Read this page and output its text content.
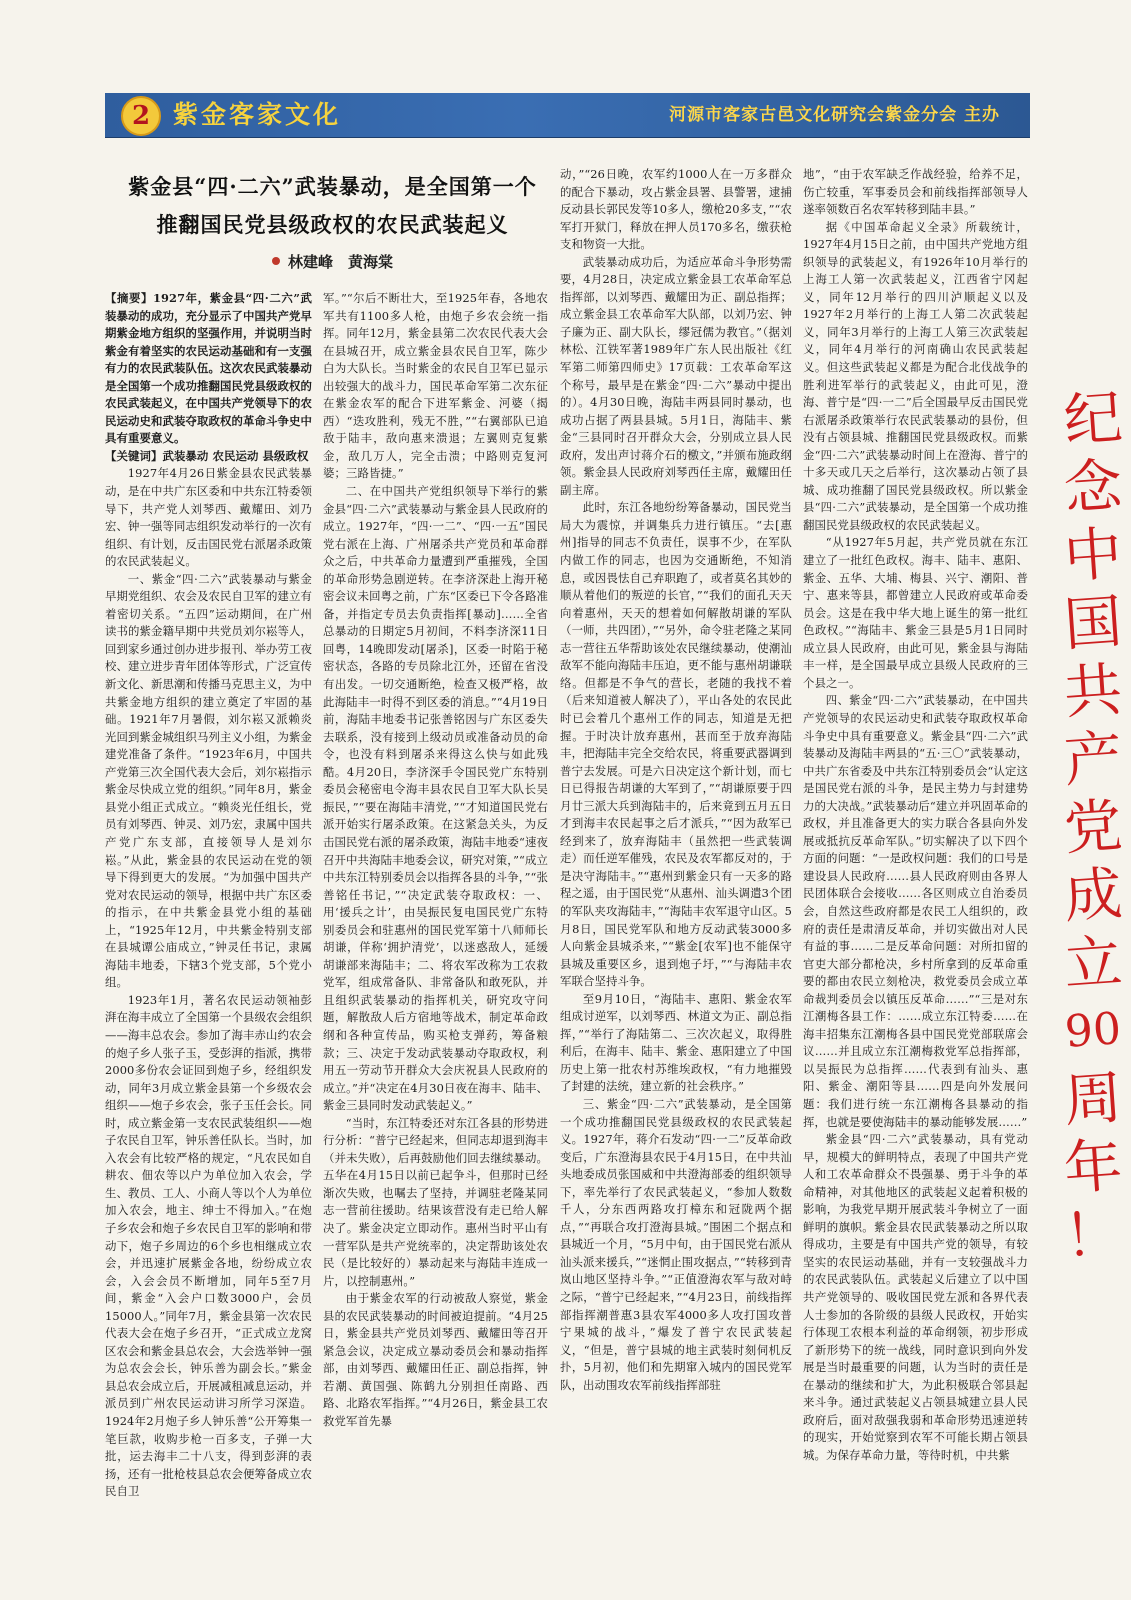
2 紫金客家文化	河源市客家古邑文化研究会紫金分会 主办
紫金县“四·二六”武装暴动，是全国第一个
推翻国民党县级政权的农民武装起义
林建峰　黄海棠

【摘要】1927年，紫金县“四·二六”武装暴动的成功，充分显示了中国共产党早期紫金地方组织的坚强作用，并说明当时紫金有着坚实的农民运动基础和有一支强有力的农民武装队伍。这次农民武装暴动是全国第一个成功推翻国民党县级政权的农民武装起义，在中国共产党领导下的农民运动史和武装夺取政权的革命斗争史中具有重要意义。

【关键词】武装暴动 农民运动 县级政权

1927年4月26日紫金县农民武装暴动，是在中共广东区委和中共东江特委领导下，共产党人刘琴西、戴耀田、刘乃宏、钟一强等同志组织发动举行的一次有组织、有计划，反击国民党右派屠杀政策的农民武装起义。

一、紫金“四·二六”武装暴动与紫金早期党组织、农会及农民自卫军的建立有着密切关系。“五四”运动期间，在广州读书的紫金籍早期中共党员刘尔崧等人，回到家乡通过创办进步报刊、举办劳工夜校、建立进步青年团体等形式，广泛宣传新文化、新思潮和传播马克思主义，为中共紫金地方组织的建立奠定了牢固的基础。1921年7月暑假，刘尔崧又派赖炎光回到紫金城组织马列主义小组，为紫金建党准备了条件。“1923年6月，中国共产党第三次全国代表大会后，刘尔崧指示紫金尽快成立党的组织。”同年8月，紫金县党小组正式成立。“赖炎光任组长，党员有刘琴西、钟灵、刘乃宏，隶属中国共产党广东支部，直接领导人是刘尔崧。”从此，紫金县的农民运动在党的领导下得到更大的发展。“为加强中国共产党对农民运动的领导，根据中共广东区委的指示，在中共紫金县党小组的基础上，“1925年12月，中共紫金特别支部在县城谭公庙成立，”钟灵任书记，隶属海陆丰地委，下辖3个党支部，5个党小组。

1923年1月，著名农民运动领袖彭湃在海丰成立了全国第一个县级农会组织——海丰总农会。参加了海丰赤山约农会的炮子乡人张子玉，受彭湃的指派，携带2000多份农会证回到炮子乡，经组织发动，同年3月成立紫金县第一个乡级农会组织——炮子乡农会，张子玉任会长。同时，成立紫金第一支农民武装组织——炮子农民自卫军，钟乐善任队长。当时，加入农会有比较严格的规定，“凡农民如自耕农、佃农等以户为单位加入农会，学生、教员、工人、小商人等以个人为单位加入农会，地主、绅士不得加入。”在炮子乡农会和炮子乡农民自卫军的影响和带动下，炮子乡周边的6个乡也相继成立农会，并迅速扩展紫金各地，纷纷成立农会，入会会员不断增加，同年5至7月间，紫金“入会户口数3000户，会员15000人。”同年7月，紫金县第一次农民代表大会在炮子乡召开，“正式成立龙窝区农会和紫金县总农会，大会选举钟一强为总农会会长，钟乐善为副会长。”紫金县总农会成立后，开展减租减息运动，并派员到广州农民运动讲习所学习深造。1924年2月炮子乡人钟乐善“公开筹集一笔巨款，收购步枪一百多支，子弹一大批，运去海丰二十八支，得到彭湃的表扬，还有一批枪枝县总农会便筹备成立农民自卫

军。”“尔后不断壮大，至1925年春，各地农军共有1100多人枪，由炮子乡农会统一指挥。同年12月，紫金县第二次农民代表大会在县城召开，成立紫金县农民自卫军，陈少白为大队长。当时紫金的农民自卫军已显示出较强大的战斗力，国民革命军第二次东征在紫金农军的配合下进军紫金、河婆（揭西）“迭攻胜利，残无不胜，”“右翼部队已追敌于陆丰，敌向惠来溃退；左翼则克复紫金，敌几万人，完全击溃；中路则克复河婆；三路皆捷。”

二、在中国共产党组织领导下举行的紫金县“四·二六”武装暴动与紫金县人民政府的成立。1927年，“四·一二”、“四·一五”国民党右派在上海、广州屠杀共产党员和革命群众之后，中共革命力量遭到严重摧残，全国的革命形势急剧逆转。在李济深赴上海开秘密会议未回粤之前，广东“区委已下令各路准备，并指定专员去负责指挥[暴动]……全省总暴动的日期定5月初间，不料李济深11日回粤，14晚即发动[屠杀]，区委一时陷于秘密状态，各路的专员除北江外，还留在省没有出发。一切交通断绝，检查又极严格，故此海陆丰一时得不到区委的消息。”“4月19日前，海陆丰地委书记张善铭因与广东区委失去联系，没有接到上级动员或准备动员的命令，也没有料到屠杀来得这么快与如此残酷。4月20日，李济深手令国民党广东特别委员会秘密电令海丰县农民自卫军大队长吴振民，”“要在海陆丰清党，”“才知道国民党右派开始实行屠杀政策。在这紧急关头，为反击国民党右派的屠杀政策，海陆丰地委“速夜召开中共海陆丰地委会议，研究对策，”“成立中共东江特别委员会以指挥各县的斗争，”“张善铭任书记，”“决定武装夺取政权：一、用‘援兵之计’，由吴振民复电国民党广东特别委员会和驻惠州的国民党军第十八师师长胡谦，佯称‘拥护清党’，以迷惑敌人，延缓胡谦部来海陆丰；二、将农军改称为工农救党军，组成常备队、非常备队和敢死队，并且组织武装暴动的指挥机关，研究攻守问题，解散敌人后方宿地等战术，制定革命政纲和各种宣传品，购买枪支弹药，筹备粮款；三、决定于发动武装暴动夺取政权，利用五一劳动节开群众大会庆祝县人民政府的成立。”并“决定在4月30日夜在海丰、陆丰、紫金三县同时发动武装起义。”

“当时，东江特委还对东江各县的形势进行分析：“普宁已经起来，但同志却退到海丰（并未失败），后再鼓励他们回去继续暴动。五华在4月15日以前已起争斗，但那时已经渐次失败，也嘱去了坚持，并调驻老隆某同志一营前往援助。结果该营没有走已给人解决了。紫金决定立即动作。惠州当时平山有一营军队是共产党统率的，决定帮助该处农民（是比较好的）暴动起来与海陆丰连成一片，以控制惠州。”

由于紫金农军的行动被敌人察觉，紫金县的农民武装暴动的时间被迫提前。“4月25日，紫金县共产党员刘琴西、戴耀田等召开紧急会议，决定成立暴动委员会和暴动指挥部，由刘琴西、戴耀田任正、副总指挥，钟若潮、黄国强、陈鹤九分别担任南路、西路、北路农军指挥。”“4月26日，紫金县工农救党军首先暴

动，”“26日晚，农军约1000人在一万多群众的配合下暴动，攻占紫金县署、县警署，逮捕反动县长郭民发等10多人，缴枪20多支，”“农军打开狱门，释放在押人员170多名，缴获枪支和物资一大批。

武装暴动成功后，为适应革命斗争形势需要，4月28日，决定成立紫金县工农革命军总指挥部，以刘琴西、戴耀田为正、副总指挥；成立紫金县工农革命军大队部，以刘乃宏、钟子廉为正、副大队长，缪冠儒为教官。”（据刘林松、江铁军著1989年广东人民出版社《红军第二师第四师史》17页载：工农革命军这个称号，最早是在紫金“四·二六”暴动中提出的）。4月30日晚，海陆丰两县同时暴动，也成功占据了两县县城。5月1日，海陆丰、紫金“三县同时召开群众大会，分别成立县人民政府，发出声讨蒋介石的檄文，”并颁布施政纲领。紫金县人民政府刘琴西任主席，戴耀田任副主席。

此时，东江各地纷纷筹备暴动，国民党当局大为震惊，并调集兵力进行镇压。“去[惠州]指导的同志不负责任，误事不少，在军队内做工作的同志，也因为交通断绝，不知消息，或因畏怯自己弃职跑了，或者莫名其妙的顺从着他们的叛逆的长官，”“我们的面孔天天向着惠州，天天的想着如何解散胡谦的军队（一师，共四团），”“另外，命令驻老隆之某同志一营往五华帮助该处农民继续暴动，使潮汕敌军不能向海陆丰压迫，更不能与惠州胡谦联络。但都是不争气的营长，老随的我找不着（后来知道被人解决了），平山各处的农民此时已会着几个惠州工作的同志，知道是无把握。于时决计放弃惠州，甚而至于放弃海陆丰，把海陆丰完全交给农民，将重要武器调到普宁去发展。可是六日决定这个新计划，而七日已得报告胡谦的大军到了，”“胡谦原要于四月廿三派大兵到海陆丰的，后来竟到五月五日才到海丰农民起事之后才派兵，”“因为敌军已经到来了，放弃海陆丰（虽然把一些武装调走）而任逆军催残，农民及农军都反对的，于是决守海陆丰。”“惠州到紫金只有一天多的路程之遥，由于国民党“从惠州、汕头调遣3个团的军队夹攻海陆丰，”“海陆丰农军退守山区。5月8日，国民党军队和地方反动武装3000多人向紫金县城杀来，”“紫金[农军]也不能保守县城及重要区乡，退到炮子圩，”“与海陆丰农军联合坚持斗争。

至9月10日，“海陆丰、惠阳、紫金农军组成讨逆军，以刘琴西、林道文为正、副总指挥，”“举行了海陆第二、三次次起义，取得胜利后，在海丰、陆丰、紫金、惠阳建立了中国历史上第一批农村苏维埃政权，“有力地摧毁了封建的法统，建立新的社会秩序。”

三、紫金“四·二六”武装暴动，是全国第一个成功推翻国民党县级政权的农民武装起义。1927年，蒋介石发动“四·一二”反革命政变后，广东澄海县农民于4月15日，在中共汕头地委成员张国威和中共澄海部委的组织领导下，率先举行了农民武装起义，“参加人数数千人，分东西两路攻打樟东和冠陇两个据点，”“再联合攻打澄海县城。”围困二个据点和县城近一个月，“5月中旬，由于国民党右派从汕头派来援兵，”“迷惘止围攻据点，”“转移到青岚山地区坚持斗争。”“正值澄海农军与敌对峙之际，“普宁已经起来，”“4月23日，前线指挥部指挥潮普惠3县农军4000多人攻打国攻普宁果城的战斗，”爆发了普宁农民武装起义，“但是，普宁县城的地主武装时刻伺机反扑，5月初，他们和先期窜入城内的国民党军队，出动围攻农军前线指挥部驻

地”，“由于农军缺乏作战经验，给养不足，伤亡较重，军事委员会和前线指挥部领导人遂率领数百名农军转移到陆丰县。”

据《中国革命起义全录》所载统计，1927年4月15日之前，由中国共产党地方组织领导的武装起义，有1926年10月举行的上海工人第一次武装起义，江西省宁冈起义，同年12月举行的四川泸顺起义以及1927年2月举行的上海工人第二次武装起义，同年3月举行的上海工人第三次武装起义，同年4月举行的河南确山农民武装起义。但这些武装起义都是为配合北伐战争的胜利进军举行的武装起义，由此可见，澄海、普宁是“四·一二”后全国最早反击国民党右派屠杀政策举行农民武装暴动的县份，但没有占领县城、推翻国民党县级政权。而紫金“四·二六”武装暴动时间上在澄海、普宁的十多天或几天之后举行，这次暴动占领了县城、成功推翻了国民党县级政权。所以紫金县“四·二六”武装暴动，是全国第一个成功推翻国民党县级政权的农民武装起义。

“从1927年5月起，共产党员就在东江建立了一批红色政权。海丰、陆丰、惠阳、紫金、五华、大埔、梅县、兴宁、潮阳、普宁、惠来等县，都曾建立人民政府或革命委员会。这是在我中华大地上诞生的第一批红色政权。”“海陆丰、紫金三县是5月1日同时成立县人民政府，由此可见，紫金县与海陆丰一样，是全国最早成立县级人民政府的三个县之一。

四、紫金“四·二六”武装暴动，在中国共产党领导的农民运动史和武装夺取政权革命斗争史中具有重要意义。紫金县“四·二六”武装暴动及海陆丰两县的“五·三〇”武装暴动，中共广东省委及中共东江特别委员会“认定这是国民党右派的斗争，是民主势力与封建势力的大决战。”武装暴动后“建立并巩固革命的政权，并且准备更大的实力联合各县向外发展或抵抗反革命军队。”切实解决了以下四个方面的问题：“一是政权问题：我们的口号是建设县人民政府……县人民政府则由各界人民团体联合会接收……各区则成立自治委员会，自然这些政府都是农民工人组织的，政府的责任是肃清反革命，并切实做出对人民有益的事……二是反革命问题：对所扣留的官吏大部分都枪决，乡村所拿到的反革命重要的都由农民立刻枪决，救党委员会成立革命裁判委员会以镇压反革命……”“三是对东江潮梅各县工作：……成立东江特委……在海丰招集东江潮梅各县中国民党党部联席会议……并且成立东江潮梅救党军总指挥部，以吴振民为总指挥……代表到有汕头、惠阳、紫金、潮阳等县……四是向外发展问题：我们进行统一东江潮梅各县暴动的指挥，也就是要使海陆丰的暴动能够发展……”

紫金县“四·二六”武装暴动，具有党动早，规模大的鲜明特点，表现了中国共产党人和工农革命群众不畏强暴、勇于斗争的革命精神，对其他地区的武装起义起着积极的影响，为我党早期开展武装斗争树立了一面鲜明的旗帜。紫金县农民武装暴动之所以取得成功，主要是有中国共产党的领导，有较坚实的农民运动基础，并有一支较强战斗力的农民武装队伍。武装起义后建立了以中国共产党领导的、吸收国民党左派和各界代表人士参加的各阶级的县级人民政权，开始实行体现工农根本利益的革命纲领，初步形成了新形势下的统一战线，同时意识到向外发展是当时最重要的问题，认为当时的责任是在暴动的继续和扩大，为此积极联合邻县起来斗争。通过武装起义占领县城建立县人民政府后，面对敌强我弱和革命形势迅速逆转的现实，开始觉察到农军不可能长期占领县城。为保存革命力量，等待时机，中共紫

纪
念
中
国
共
产
党
成
立
90
周
年
！
